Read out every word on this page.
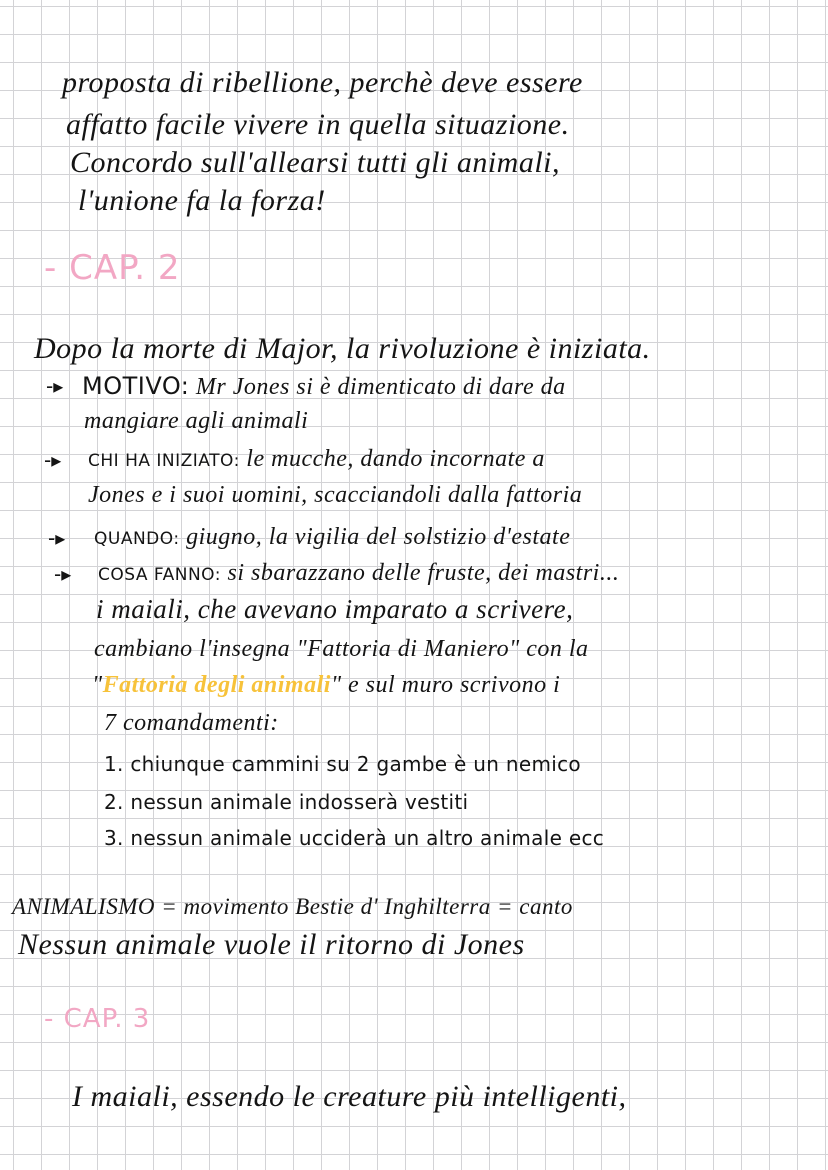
proposta di ribellione, perchè deve essere
affatto facile vivere in quella situazione.
Concordo sull'allearsi tutti gli animali,
l'unione fa la forza!
- CAP. 2
Dopo la morte di Major, la rivoluzione è iniziata.
-▸ MOTIVO: Mr Jones si è dimenticato di dare da
mangiare agli animali
-▸ CHI HA INIZIATO: le mucche, dando incornate a
Jones e i suoi uomini, scacciandoli dalla fattoria
-▸ QUANDO: giugno, la vigilia del solstizio d'estate
-▸ COSA FANNO: si sbarazzano delle fruste, dei mastri...
i maiali, che avevano imparato a scrivere,
cambiano l'insegna "Fattoria di Maniero" con la
"Fattoria degli animali" e sul muro scrivono i
7 comandamenti:
1. chiunque cammini su 2 gambe è un nemico
2. nessun animale indosserà vestiti
3. nessun animale ucciderà un altro animale ecc
ANIMALISMO = movimento Bestie d' Inghilterra = canto
Nessun animale vuole il ritorno di Jones
- CAP. 3
I maiali, essendo le creature più intelligenti,
